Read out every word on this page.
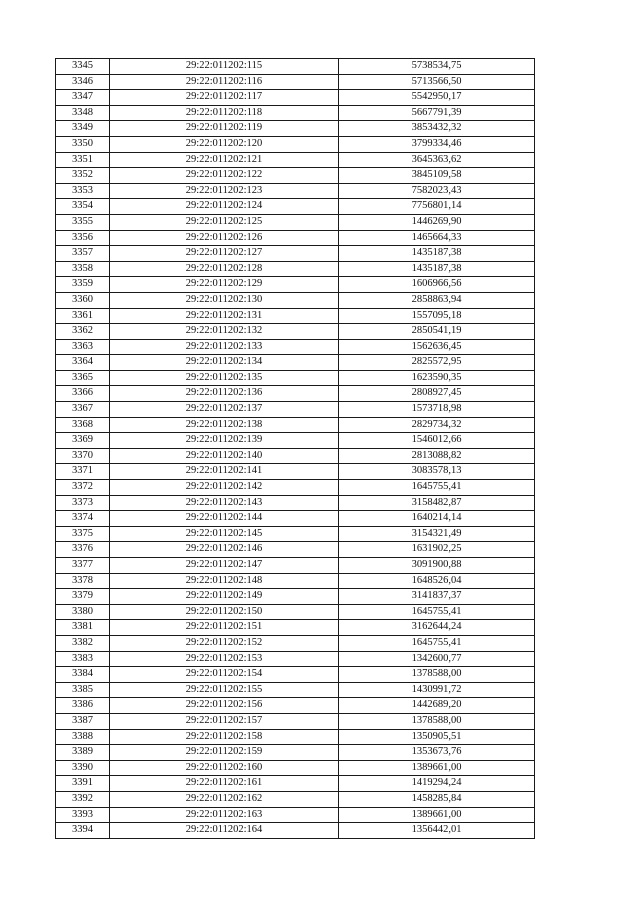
3345	29:22:011202:115	5738534,75
3346	29:22:011202:116	5713566,50
3347	29:22:011202:117	5542950,17
3348	29:22:011202:118	5667791,39
3349	29:22:011202:119	3853432,32
3350	29:22:011202:120	3799334,46
3351	29:22:011202:121	3645363,62
3352	29:22:011202:122	3845109,58
3353	29:22:011202:123	7582023,43
3354	29:22:011202:124	7756801,14
3355	29:22:011202:125	1446269,90
3356	29:22:011202:126	1465664,33
3357	29:22:011202:127	1435187,38
3358	29:22:011202:128	1435187,38
3359	29:22:011202:129	1606966,56
3360	29:22:011202:130	2858863,94
3361	29:22:011202:131	1557095,18
3362	29:22:011202:132	2850541,19
3363	29:22:011202:133	1562636,45
3364	29:22:011202:134	2825572,95
3365	29:22:011202:135	1623590,35
3366	29:22:011202:136	2808927,45
3367	29:22:011202:137	1573718,98
3368	29:22:011202:138	2829734,32
3369	29:22:011202:139	1546012,66
3370	29:22:011202:140	2813088,82
3371	29:22:011202:141	3083578,13
3372	29:22:011202:142	1645755,41
3373	29:22:011202:143	3158482,87
3374	29:22:011202:144	1640214,14
3375	29:22:011202:145	3154321,49
3376	29:22:011202:146	1631902,25
3377	29:22:011202:147	3091900,88
3378	29:22:011202:148	1648526,04
3379	29:22:011202:149	3141837,37
3380	29:22:011202:150	1645755,41
3381	29:22:011202:151	3162644,24
3382	29:22:011202:152	1645755,41
3383	29:22:011202:153	1342600,77
3384	29:22:011202:154	1378588,00
3385	29:22:011202:155	1430991,72
3386	29:22:011202:156	1442689,20
3387	29:22:011202:157	1378588,00
3388	29:22:011202:158	1350905,51
3389	29:22:011202:159	1353673,76
3390	29:22:011202:160	1389661,00
3391	29:22:011202:161	1419294,24
3392	29:22:011202:162	1458285,84
3393	29:22:011202:163	1389661,00
3394	29:22:011202:164	1356442,01
